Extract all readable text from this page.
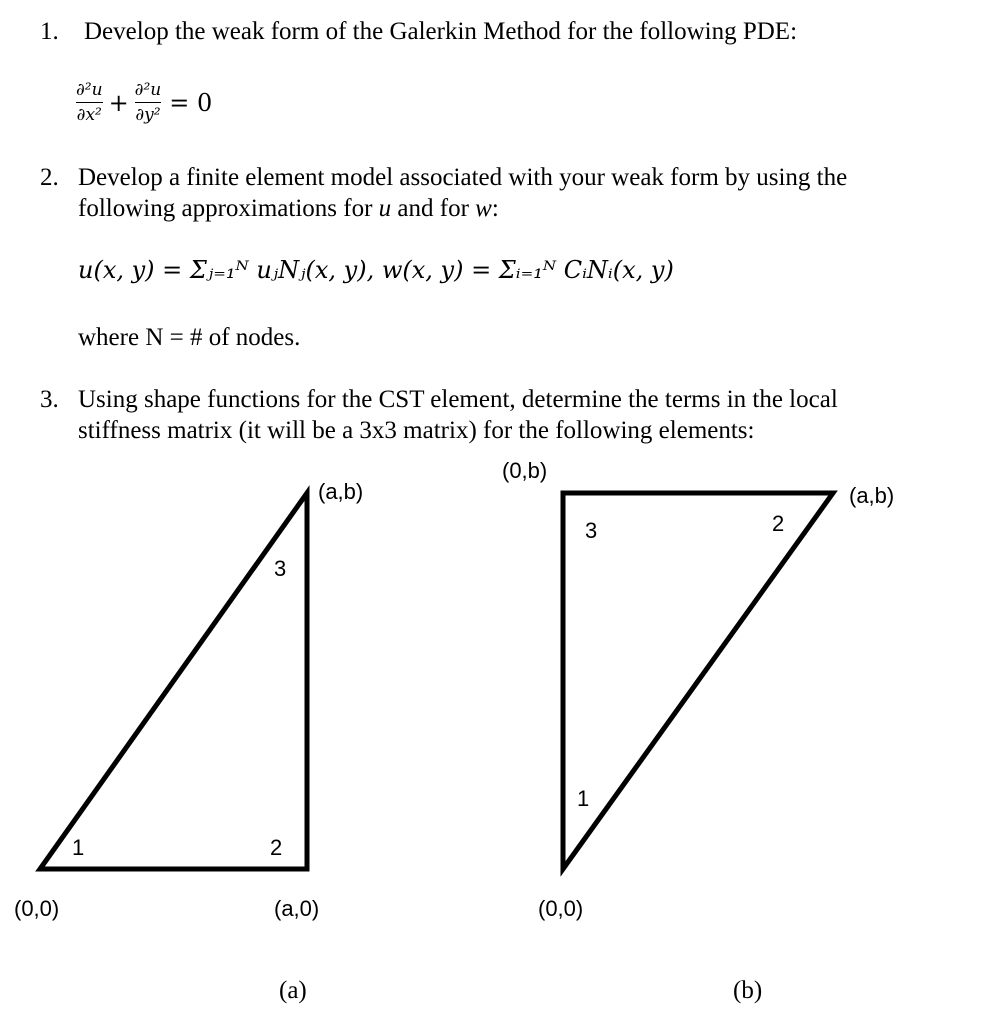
1. Develop the weak form of the Galerkin Method for the following PDE:
$\frac{\text{∂²u}}{\text{∂x²}} + \frac{\text{∂²u}}{\text{∂y²}} = 0$
2. Develop a finite element model associated with your weak form by using the
following approximations for u and for w:
u(x, y) = Σⱼ₌₁ᴺ uⱼNⱼ(x, y), w(x, y) = Σᵢ₌₁ᴺ CᵢNᵢ(x, y)
where N = # of nodes.
3. Using shape functions for the CST element, determine the terms in the local
stiffness matrix (it will be a 3x3 matrix) for the following elements:
(0,0)	(a,0)
(a,b)
1	2
3
(a)
(0,b)
(a,b)
(0,0)
1
2
3
(b)
